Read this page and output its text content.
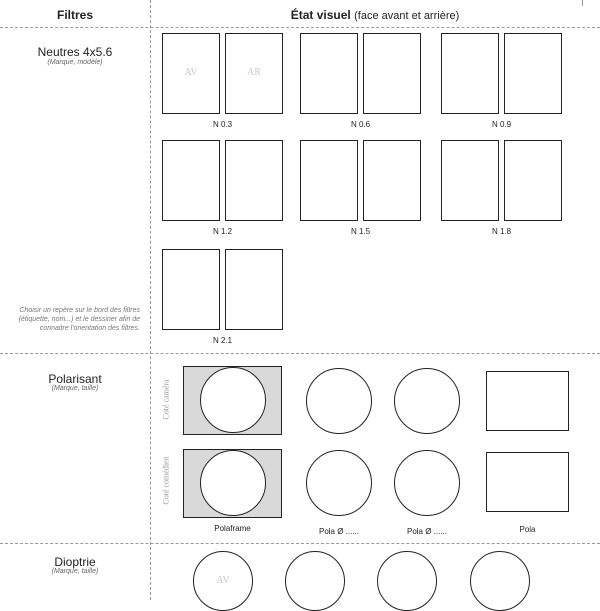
Filtres	État visuel (face avant et arrière)
Neutres 4x5.6
(Marque, modèle)
Choisir un repère sur le bord des filtres (étiquette, nom...) et le dessiner afin de connaitre l'orientation des filtres.
AV	AR
N 0.3	N 0.6	N 0.9
N 1.2	N 1.5	N 1.8
N 2.1
Polarisant
(Marque, taille)	Coté caméra
Coté comédien
Polaframe	Pola Ø ......	Pola Ø ......	Pola
Dioptrie
(Marque, taille)
AV
